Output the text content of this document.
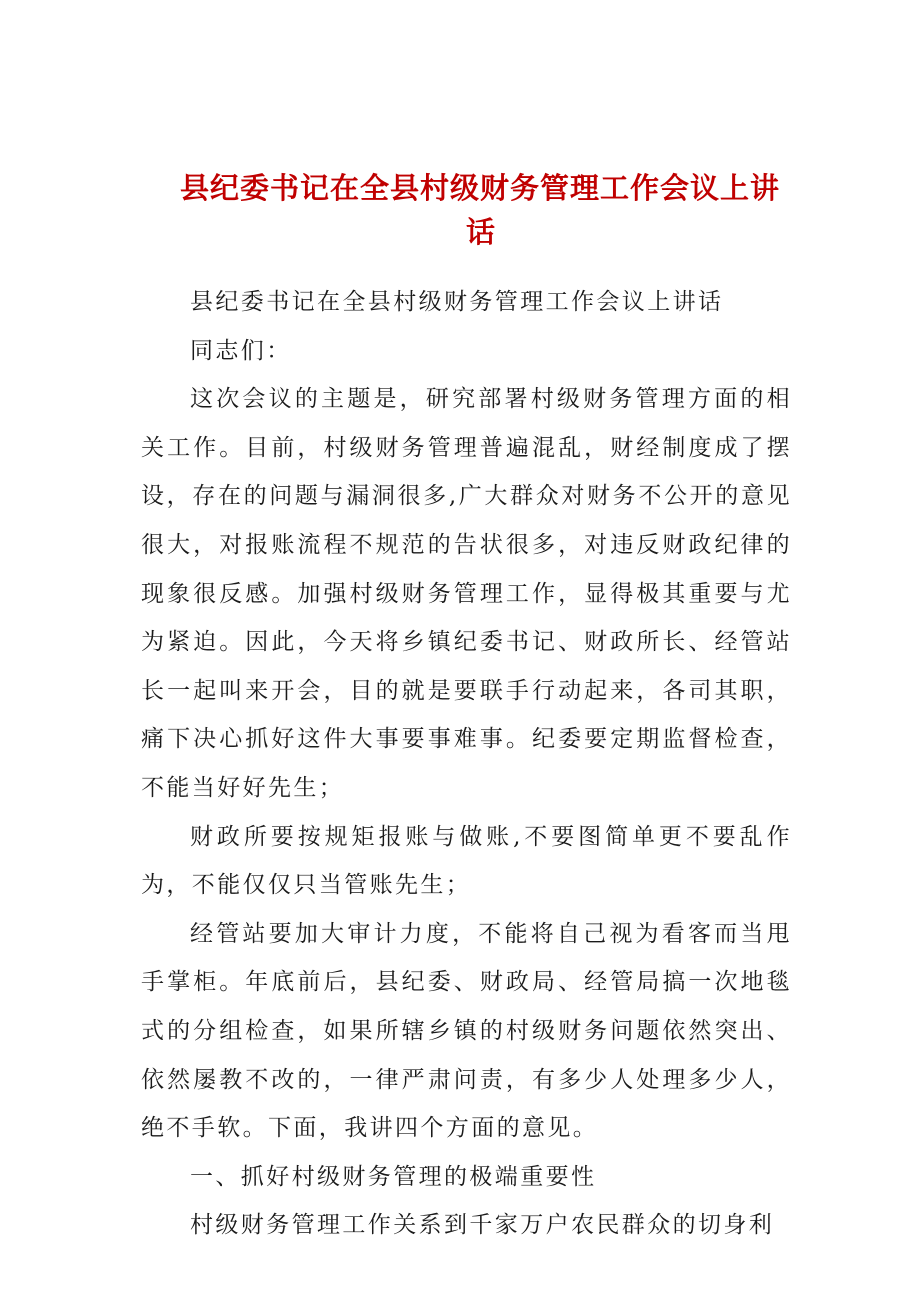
县纪委书记在全县村级财务管理工作会议上讲
话

县纪委书记在全县村级财务管理工作会议上讲话

同志们：

这次会议的主题是，研究部署村级财务管理方面的相关工作。目前，村级财务管理普遍混乱，财经制度成了摆设，存在的问题与漏洞很多,广大群众对财务不公开的意见很大，对报账流程不规范的告状很多，对违反财政纪律的现象很反感。加强村级财务管理工作，显得极其重要与尤为紧迫。因此，今天将乡镇纪委书记、财政所长、经管站长一起叫来开会，目的就是要联手行动起来，各司其职，痛下决心抓好这件大事要事难事。纪委要定期监督检查，不能当好好先生；

财政所要按规矩报账与做账,不要图简单更不要乱作为，不能仅仅只当管账先生；

经管站要加大审计力度，不能将自己视为看客而当甩手掌柜。年底前后，县纪委、财政局、经管局搞一次地毯式的分组检查，如果所辖乡镇的村级财务问题依然突出、依然屡教不改的，一律严肃问责，有多少人处理多少人，绝不手软。下面，我讲四个方面的意见。

一、抓好村级财务管理的极端重要性

村级财务管理工作关系到千家万户农民群众的切身利
